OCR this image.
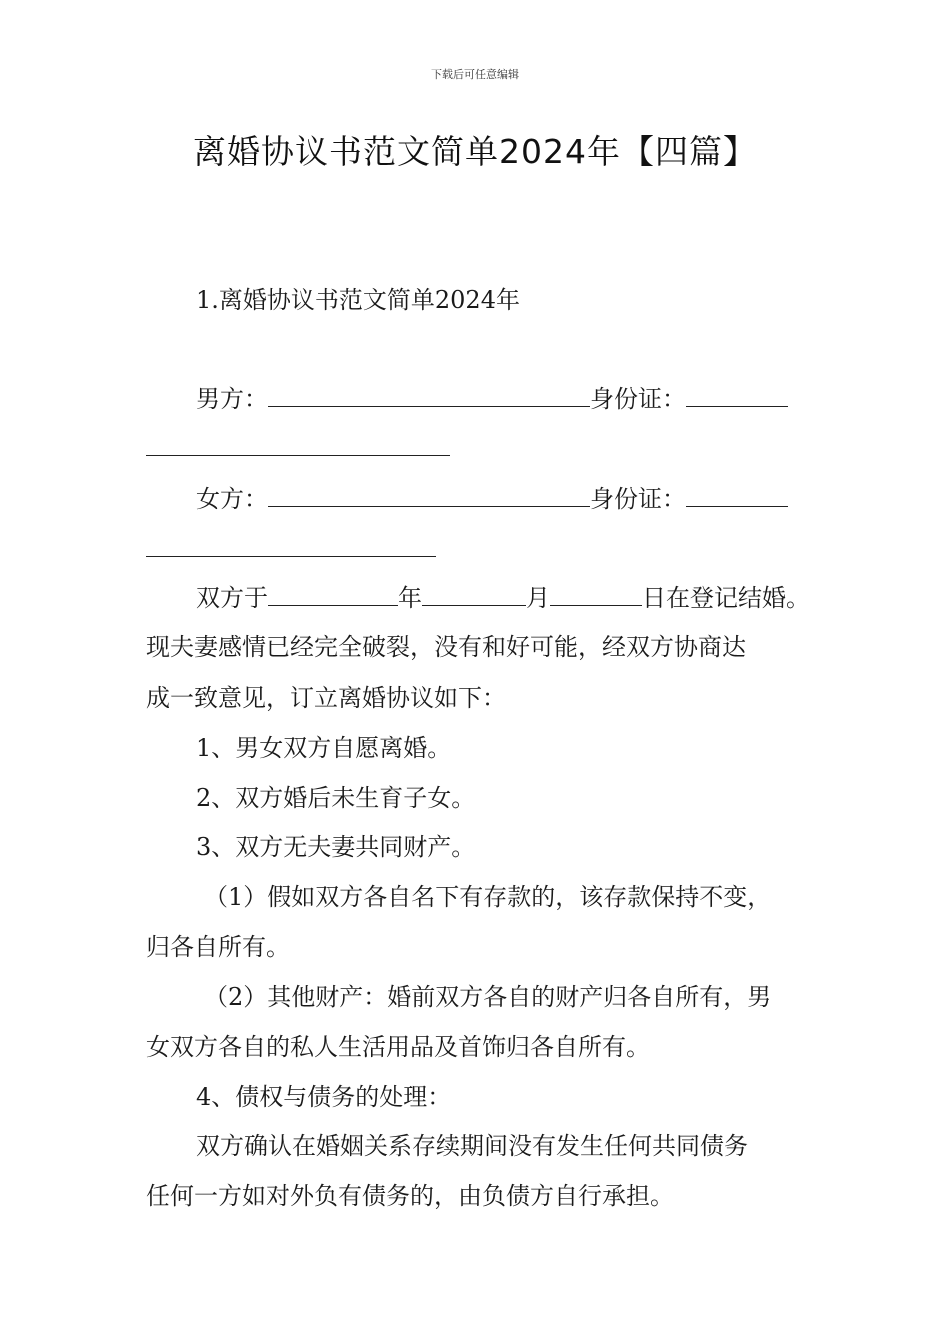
下载后可任意编辑
离婚协议书范文简单2024年【四篇】
1.离婚协议书范文简单2024年
男方：	身份证：
女方：	身份证：
双方于	年	月	日在登记结婚。
现夫妻感情已经完全破裂，没有和好可能，经双方协商达
成一致意见，订立离婚协议如下：
1、男女双方自愿离婚。
2、双方婚后未生育子女。
3、双方无夫妻共同财产。
（1）假如双方各自名下有存款的，该存款保持不变，
归各自所有。
（2）其他财产：婚前双方各自的财产归各自所有，男
女双方各自的私人生活用品及首饰归各自所有。
4、债权与债务的处理：
双方确认在婚姻关系存续期间没有发生任何共同债务
任何一方如对外负有债务的，由负债方自行承担。
